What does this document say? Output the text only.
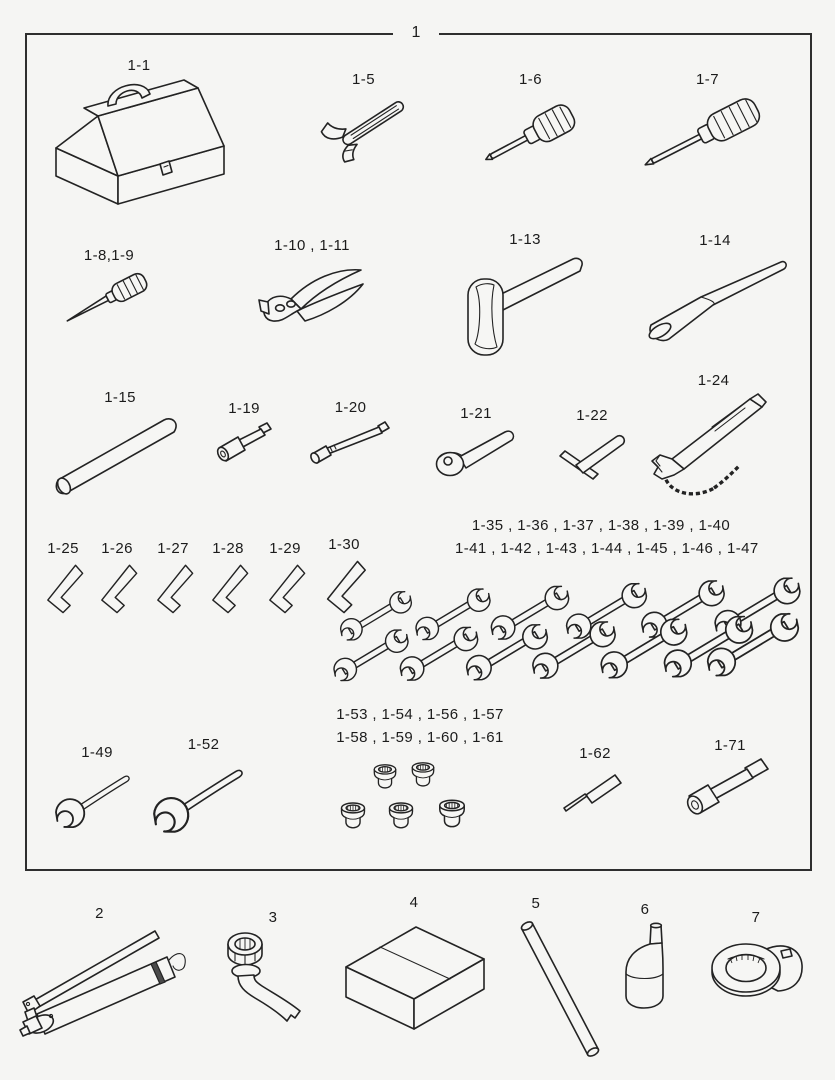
1
1-1
1-5	1-6	1-7
1-8,1-9
1-10 , 1-11	1-13	1-14
1-15
1-19	1-20	1-21	1-22
1-24
1-25 1-26 1-27 1-28 1-29 1-30
1-35 , 1-36 , 1-37 , 1-38 , 1-39 , 1-40
1-41 , 1-42 , 1-43 , 1-44 , 1-45 , 1-46 , 1-47
1-49	1-52
1-53 , 1-54 , 1-56 , 1-57
1-58 , 1-59 , 1-60 , 1-61
1-62	1-71
2	3
4	5	6	7
